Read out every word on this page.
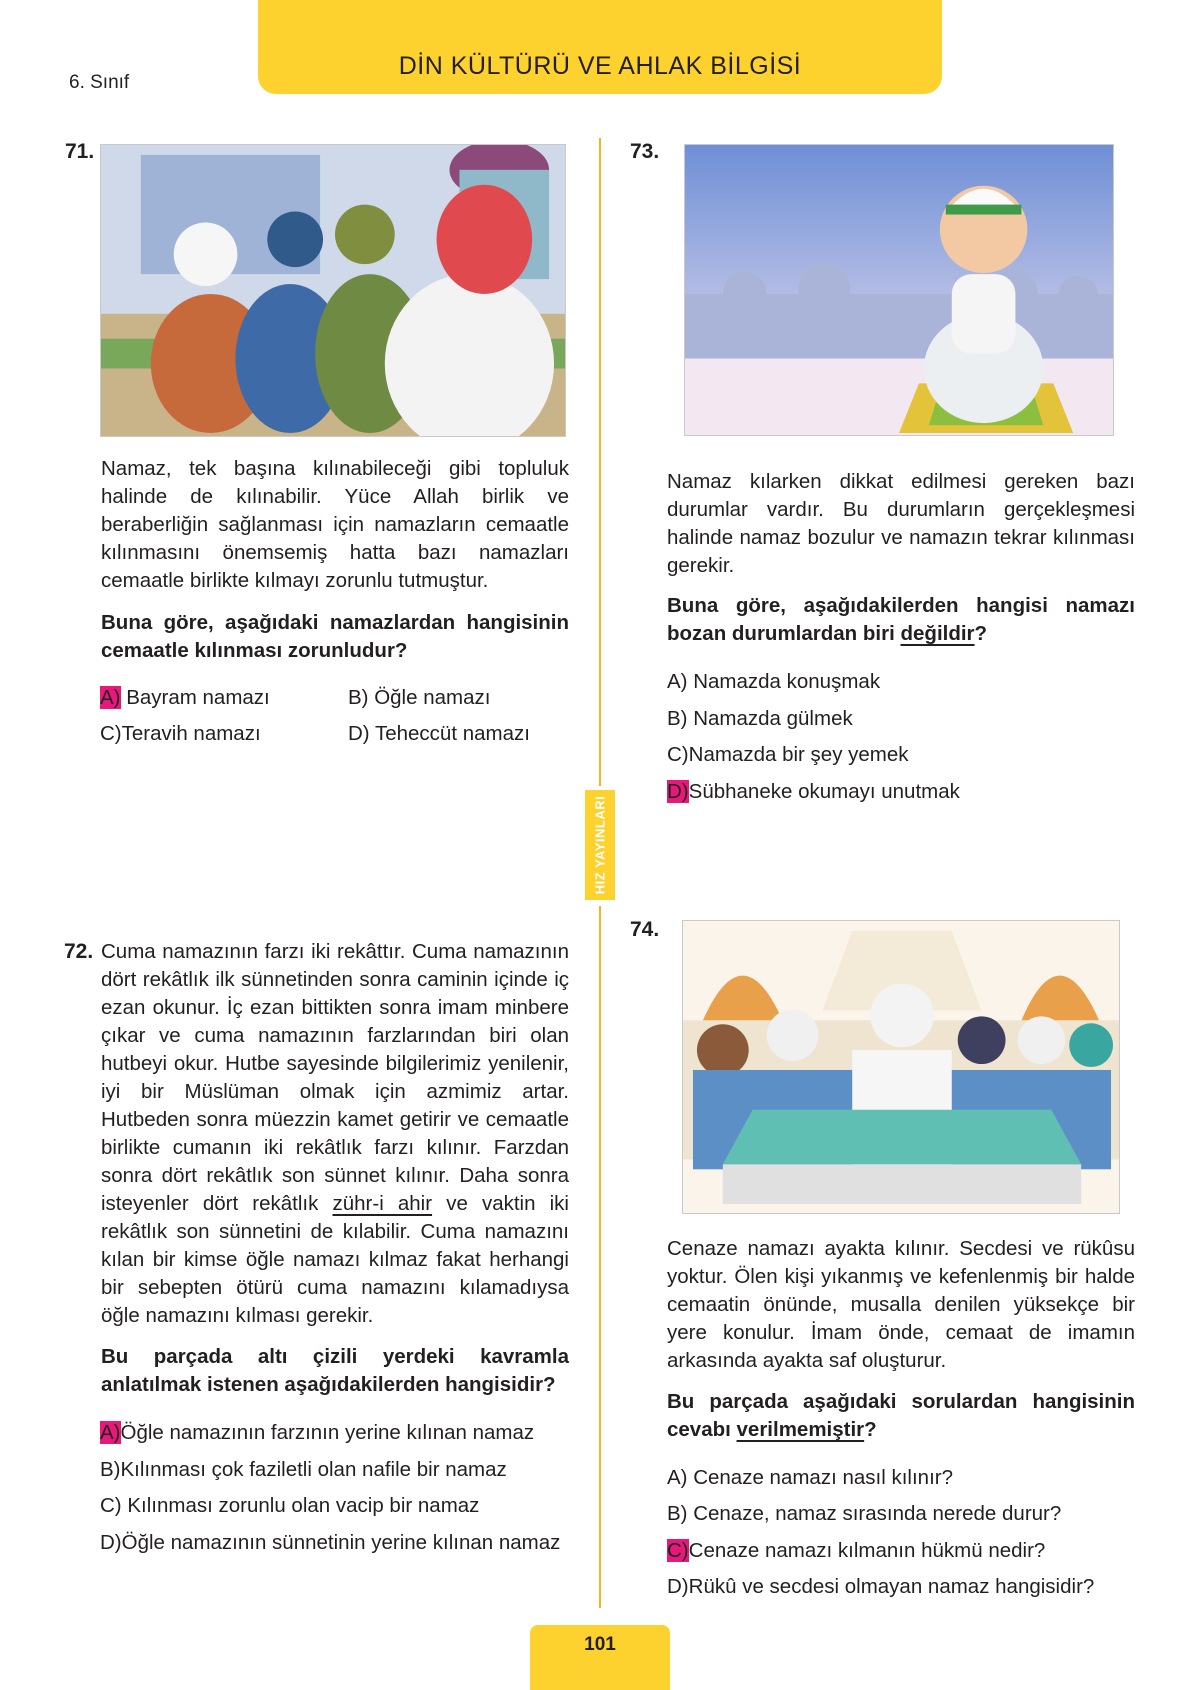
DİN KÜLTÜRÜ VE AHLAK BİLGİSİ
6. Sınıf
HIZ YAYINLARI
71.
Namaz, tek başına kılınabileceği gibi topluluk halinde de kılınabilir. Yüce Allah birlik ve beraberliğin sağlanması için namazların cemaatle kılınmasını önemsemiş hatta bazı namazları cemaatle birlikte kılmayı zorunlu tutmuştur.
Buna göre, aşağıdaki namazlardan hangisinin cemaatle kılınması zorunludur?
A) Bayram namazı	B) Öğle namazı
C)Teravih namazı	D) Teheccüt namazı
73.
Namaz kılarken dikkat edilmesi gereken bazı durumlar vardır. Bu durumların gerçekleşmesi halinde namaz bozulur ve namazın tekrar kılınması gerekir.
Buna göre, aşağıdakilerden hangisi namazı bozan durumlardan biri değildir?
A) Namazda konuşmak
B) Namazda gülmek
C)Namazda bir şey yemek
D)Sübhaneke okumayı unutmak
72. Cuma namazının farzı iki rekâttır. Cuma namazının dört rekâtlık ilk sünnetinden sonra caminin içinde iç ezan okunur. İç ezan bittikten sonra imam minbere çıkar ve cuma namazının farzlarından biri olan hutbeyi okur. Hutbe sayesinde bilgilerimiz yenilenir, iyi bir Müslüman olmak için azmimiz artar. Hutbeden sonra müezzin kamet getirir ve cemaatle birlikte cumanın iki rekâtlık farzı kılınır. Farzdan sonra dört rekâtlık son sünnet kılınır. Daha sonra isteyenler dört rekâtlık zühr-i ahir ve vaktin iki rekâtlık son sünnetini de kılabilir. Cuma namazını kılan bir kimse öğle namazı kılmaz fakat herhangi bir sebepten ötürü cuma namazını kılamadıysa öğle namazını kılması gerekir.
Bu parçada altı çizili yerdeki kavramla anlatılmak istenen aşağıdakilerden hangisidir?
A)Öğle namazının farzının yerine kılınan namaz
B)Kılınması çok faziletli olan nafile bir namaz
C) Kılınması zorunlu olan vacip bir namaz
D)Öğle namazının sünnetinin yerine kılınan namaz
74.
Cenaze namazı ayakta kılınır. Secdesi ve rükûsu yoktur. Ölen kişi yıkanmış ve kefenlenmiş bir halde cemaatin önünde, musalla denilen yüksekçe bir yere konulur. İmam önde, cemaat de imamın arkasında ayakta saf oluşturur.
Bu parçada aşağıdaki sorulardan hangisinin cevabı verilmemiştir?
A) Cenaze namazı nasıl kılınır?
B) Cenaze, namaz sırasında nerede durur?
C)Cenaze namazı kılmanın hükmü nedir?
D)Rükû ve secdesi olmayan namaz hangisidir?
101
